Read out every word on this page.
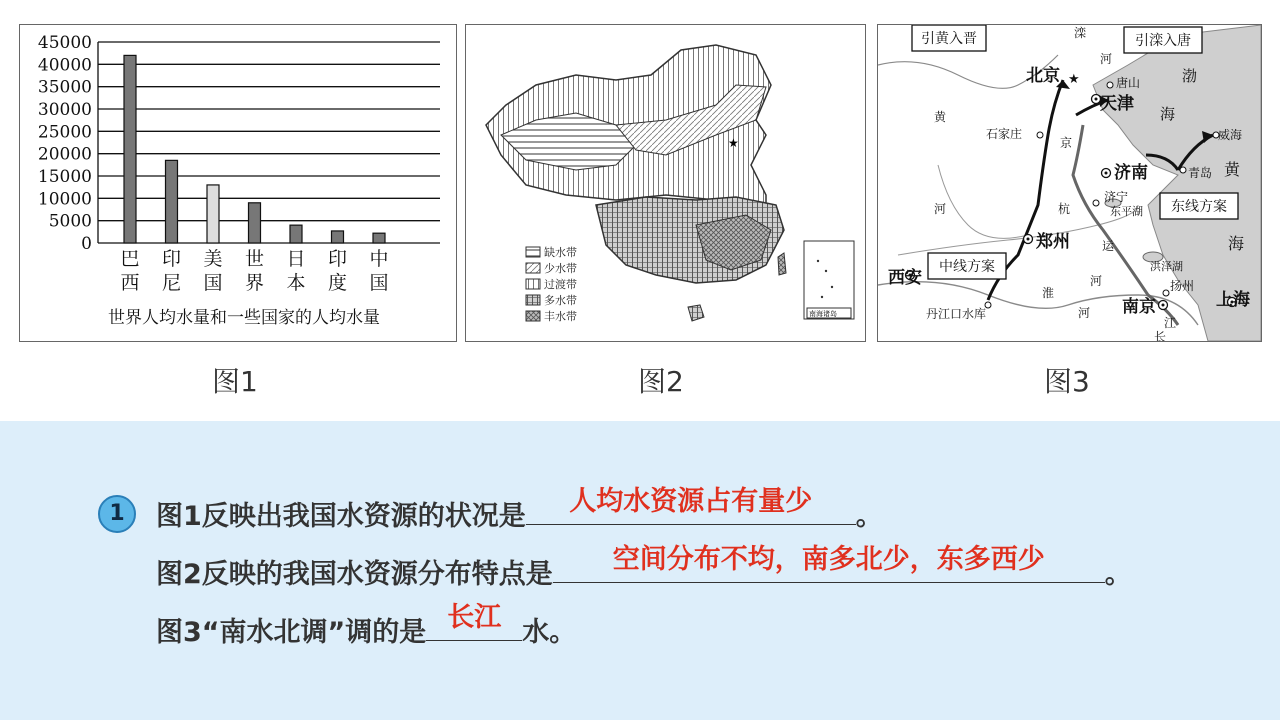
0
5000
10000
15000
20000
25000
30000
35000
40000
45000
巴
西
印
尼
美
国
世
界
日
本
印
度
中
国
世界人均水量和一些国家的人均水量
图1
★
缺水带
少水带
过渡带
多水带
丰水带	南海诸岛
图2
★
北京
天津
济南
郑州
西安
南京	上海
唐山
石家庄
济宁
威海
青岛
扬州
丹江口水库
引黄入晋	引滦入唐
东线方案
中线方案
渤
海
黄
海
东平湖
洪泽湖
滦
河
黄
河
京
杭
运
河
淮
河
江
长
图3
1	图1反映出我国水资源的状况是	人均水资源占有量少	。
图2反映的我国水资源分布特点是	空间分布不均，南多北少，东多西少	。
图3“南水北调”调的是 长江 水。
